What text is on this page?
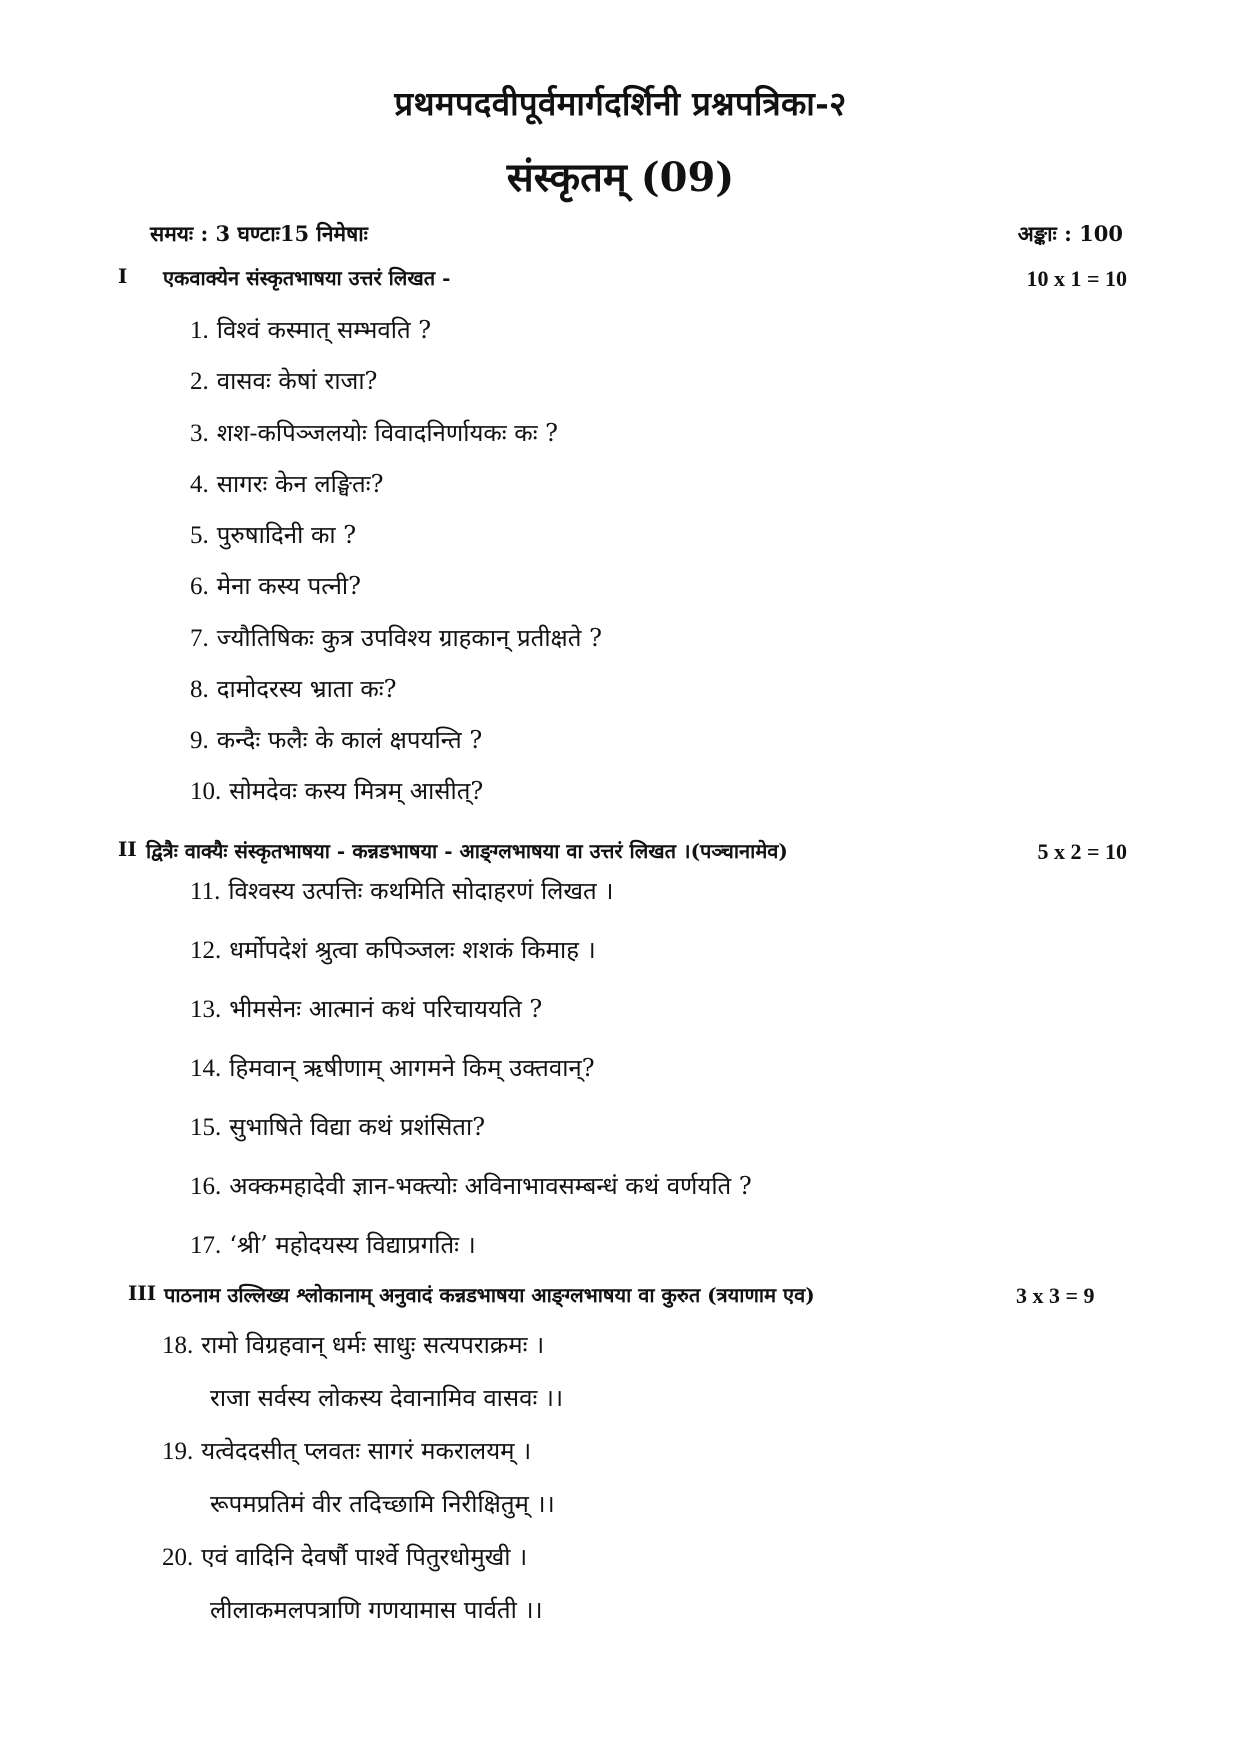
प्रथमपदवीपूर्वमार्गदर्शिनी प्रश्नपत्रिका-२
संस्कृतम् (09)
समयः : 3 घण्टाः15 निमेषाः	अङ्काः : 100
I एकवाक्येन संस्कृतभाषया उत्तरं लिखत -	10 x 1 = 10
1. विश्वं कस्मात् सम्भवति ?
2. वासवः केषां राजा?
3. शश-कपिञ्जलयोः विवादनिर्णायकः कः ?
4. सागरः केन लङ्घितः?
5. पुरुषादिनी का ?
6. मेना कस्य पत्नी?
7. ज्यौतिषिकः कुत्र उपविश्य ग्राहकान् प्रतीक्षते ?
8. दामोदरस्य भ्राता कः?
9. कन्दैः फलैः के कालं क्षपयन्ति ?
10. सोमदेवः कस्य मित्रम् आसीत्?
II द्वित्रैः वाक्यैः संस्कृतभाषया - कन्नडभाषया - आङ्ग्लभाषया वा उत्तरं लिखत ।(पञ्चानामेव)	5 x 2 = 10
11. विश्वस्य उत्पत्तिः कथमिति सोदाहरणं लिखत ।
12. धर्मोपदेशं श्रुत्वा कपिञ्जलः शशकं किमाह ।
13. भीमसेनः आत्मानं कथं परिचाययति ?
14. हिमवान् ऋषीणाम् आगमने किम् उक्तवान्?
15. सुभाषिते विद्या कथं प्रशंसिता?
16. अक्कमहादेवी ज्ञान-भक्त्योः अविनाभावसम्बन्धं कथं वर्णयति ?
17. ‘श्री’ महोदयस्य विद्याप्रगतिः ।
III पाठनाम उल्लिख्य श्लोकानाम् अनुवादं कन्नडभाषया आङ्ग्लभाषया वा कुरुत (त्रयाणाम एव)	3 x 3 = 9
18. रामो विग्रहवान् धर्मः साधुः सत्यपराक्रमः ।
राजा सर्वस्य लोकस्य देवानामिव वासवः ।।
19. यत्वेददसीत् प्लवतः सागरं मकरालयम् ।
रूपमप्रतिमं वीर तदिच्छामि निरीक्षितुम् ।।
20. एवं वादिनि देवर्षौ पार्श्वे पितुरधोमुखी ।
लीलाकमलपत्राणि गणयामास पार्वती ।।
